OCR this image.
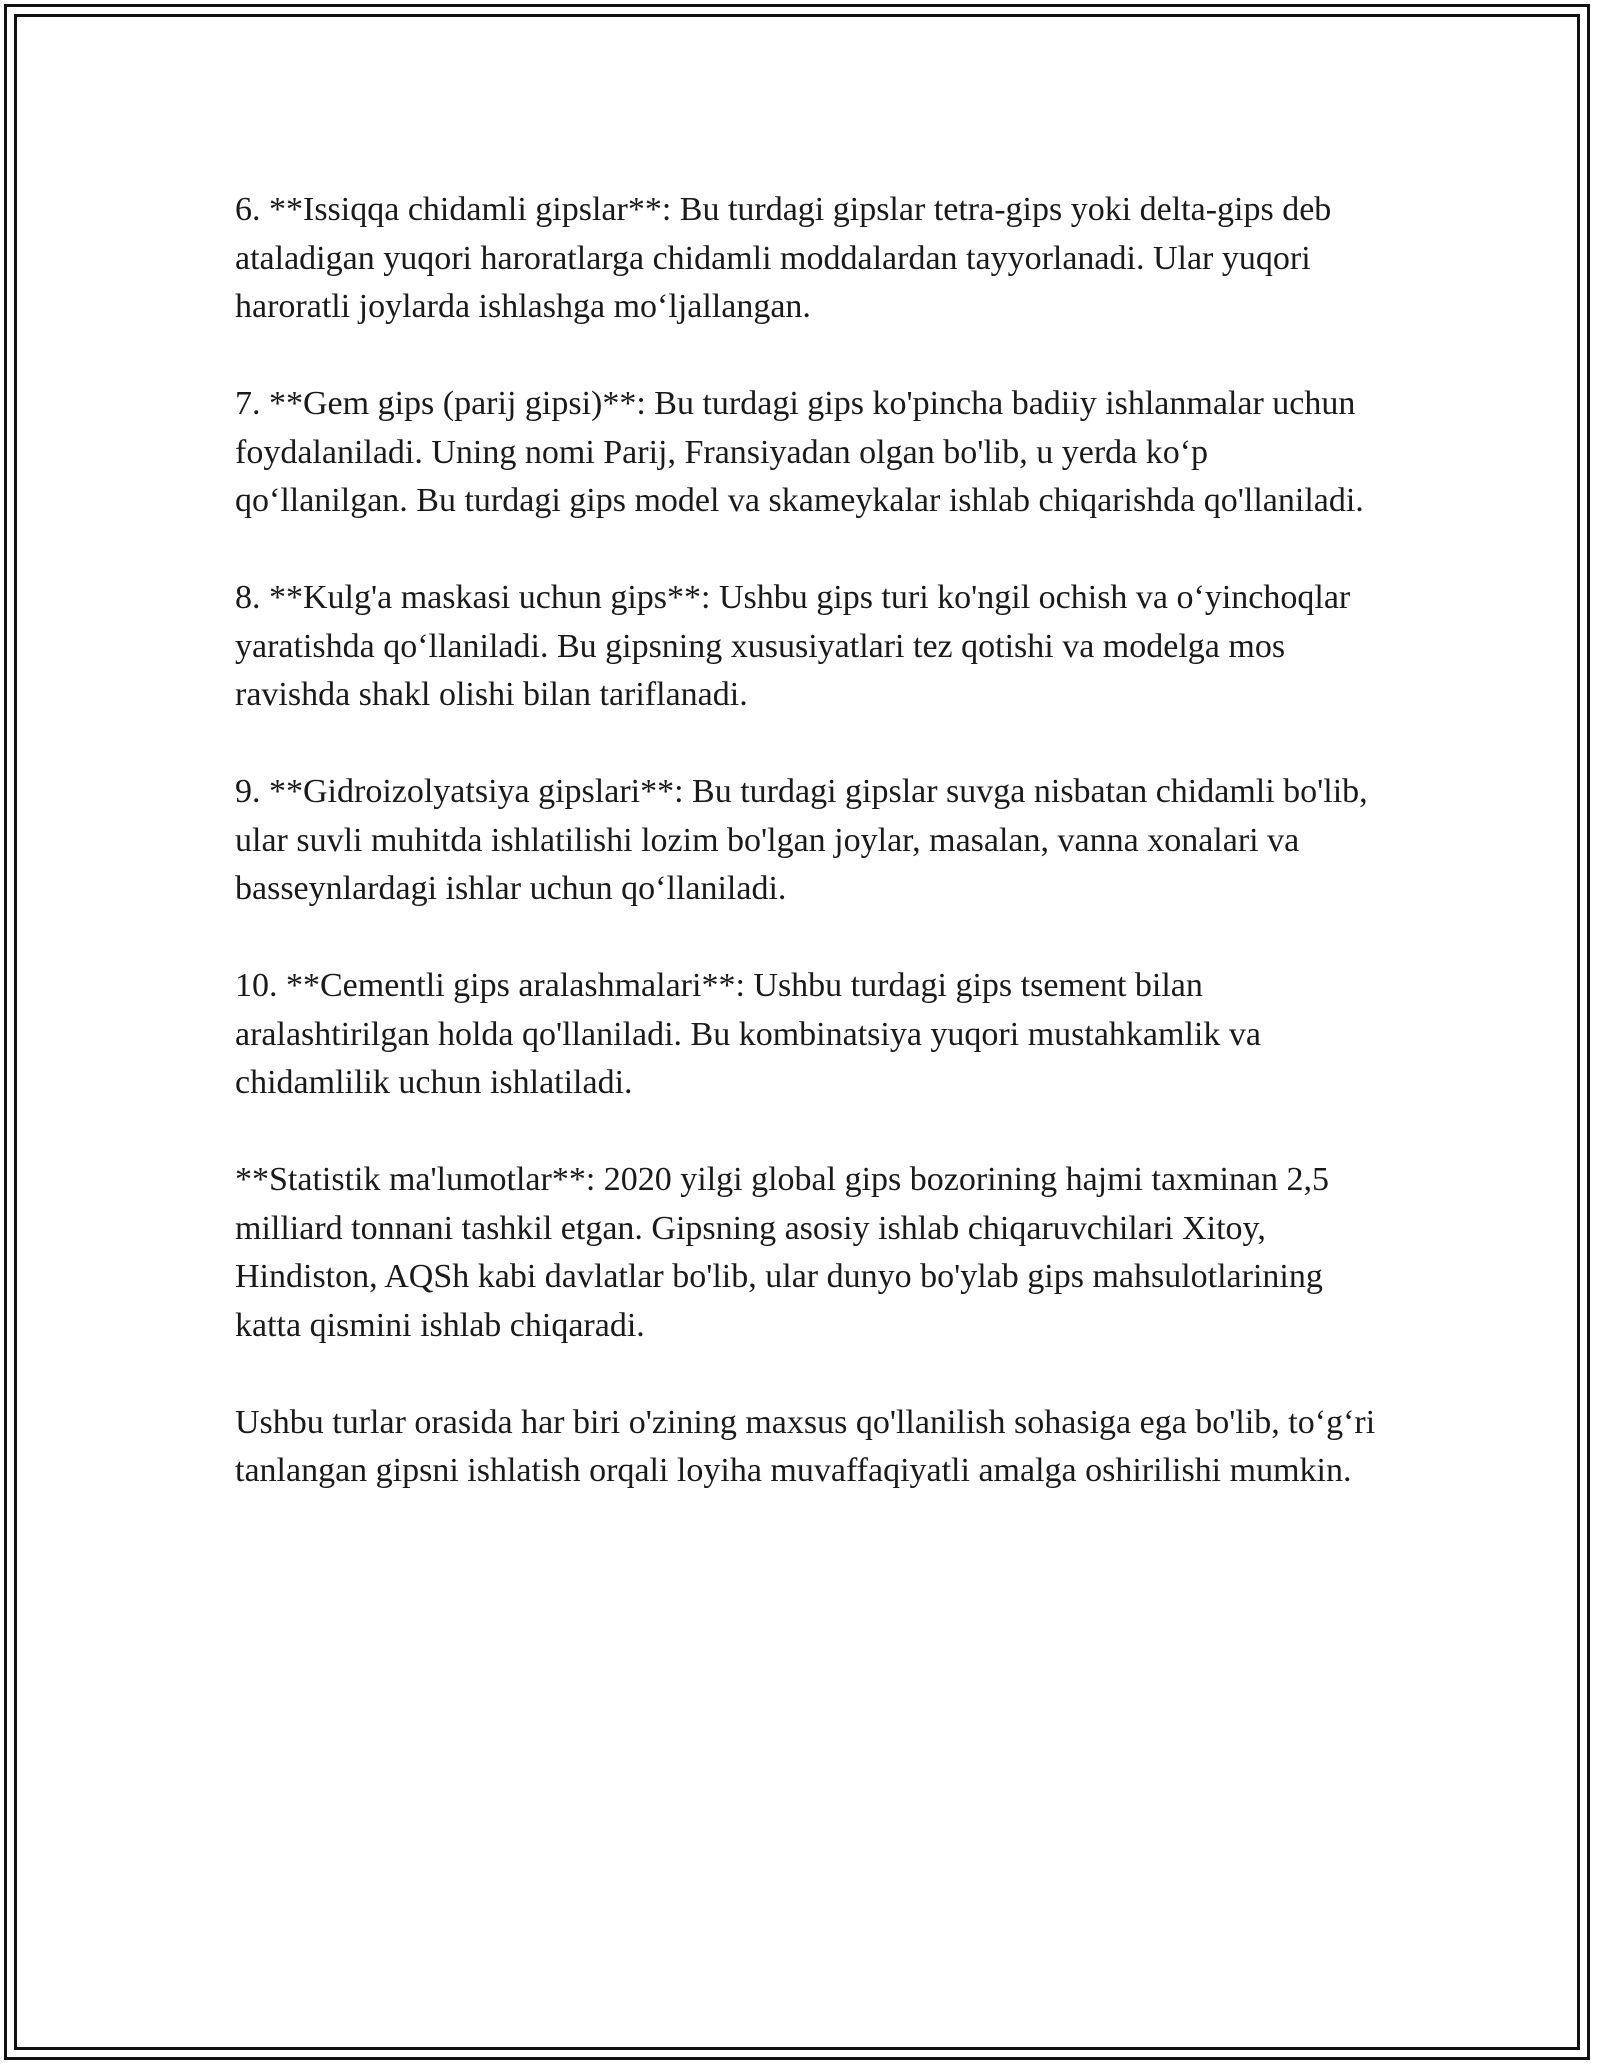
6. **Issiqqa chidamli gipslar**: Bu turdagi gipslar tetra-gips yoki delta-gips deb ataladigan yuqori haroratlarga chidamli moddalardan tayyorlanadi. Ular yuqori haroratli joylarda ishlashga mo‘ljallangan.

7. **Gem gips (parij gipsi)**: Bu turdagi gips ko'pincha badiiy ishlanmalar uchun foydalaniladi. Uning nomi Parij, Fransiyadan olgan bo'lib, u yerda ko‘p qo‘llanilgan. Bu turdagi gips model va skameykalar ishlab chiqarishda qo'llaniladi.

8. **Kulg'a maskasi uchun gips**: Ushbu gips turi ko'ngil ochish va o‘yinchoqlar yaratishda qo‘llaniladi. Bu gipsning xususiyatlari tez qotishi va modelga mos ravishda shakl olishi bilan tariflanadi.

9. **Gidroizolyatsiya gipslari**: Bu turdagi gipslar suvga nisbatan chidamli bo'lib, ular suvli muhitda ishlatilishi lozim bo'lgan joylar, masalan, vanna xonalari va basseynlardagi ishlar uchun qo‘llaniladi.

10. **Cementli gips aralashmalari**: Ushbu turdagi gips tsement bilan aralashtirilgan holda qo'llaniladi. Bu kombinatsiya yuqori mustahkamlik va chidamlilik uchun ishlatiladi.

**Statistik ma'lumotlar**: 2020 yilgi global gips bozorining hajmi taxminan 2,5 milliard tonnani tashkil etgan. Gipsning asosiy ishlab chiqaruvchilari Xitoy, Hindiston, AQSh kabi davlatlar bo'lib, ular dunyo bo'ylab gips mahsulotlarining katta qismini ishlab chiqaradi.

Ushbu turlar orasida har biri o'zining maxsus qo'llanilish sohasiga ega bo'lib, to‘g‘ri tanlangan gipsni ishlatish orqali loyiha muvaffaqiyatli amalga oshirilishi mumkin.
